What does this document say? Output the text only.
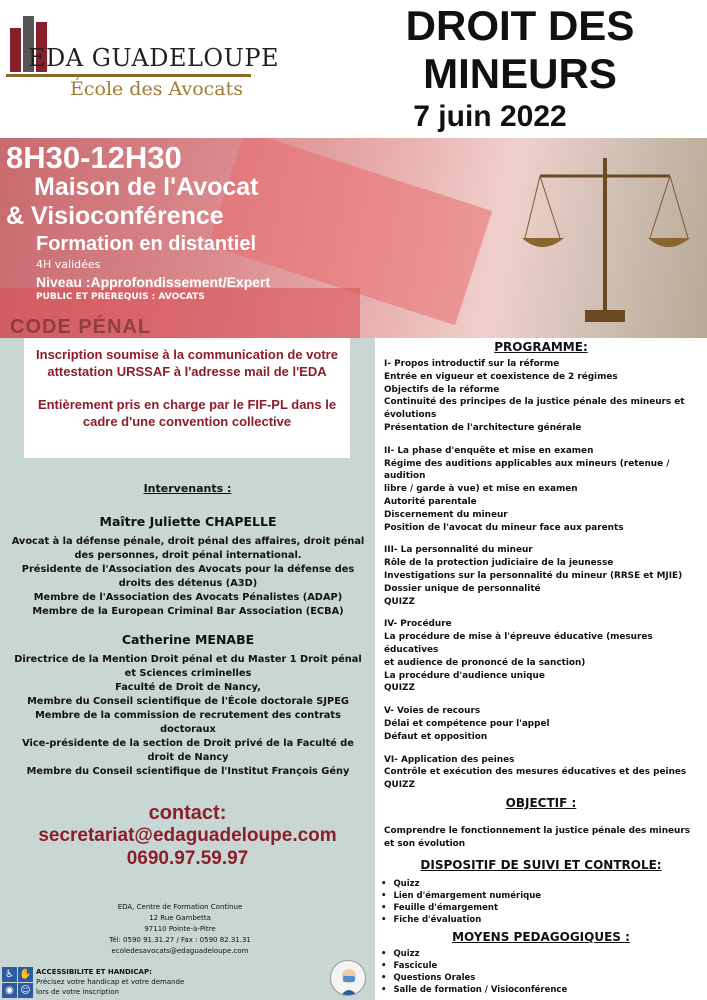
EDA GUADELOUPE
École des Avocats
DROIT DES
MINEURS
7 juin 2022
CODE PÉNAL
8H30-12H30
Maison de l'Avocat
& Visioconférence
Formation en distantiel
4H validées
Niveau :Approfondissement/Expert
PUBLIC ET PREREQUIS : AVOCATS

Inscription soumise à la communication de votre attestation URSSAF à l'adresse mail de l'EDA

Entièrement pris en charge par le FIF-PL dans le cadre d'une convention collective

Intervenants :
Maître Juliette CHAPELLE
Avocat à la défense pénale, droit pénal des affaires, droit pénal
des personnes, droit pénal international.
Présidente de l'Association des Avocats pour la défense des
droits des détenus (A3D)
Membre de l'Association des Avocats Pénalistes (ADAP)
Membre de la European Criminal Bar Association (ECBA)
Catherine MENABE
Directrice de la Mention Droit pénal et du Master 1 Droit pénal
et Sciences criminelles
Faculté de Droit de Nancy,
Membre du Conseil scientifique de l'École doctorale SJPEG
Membre de la commission de recrutement des contrats
doctoraux
Vice-présidente de la section de Droit privé de la Faculté de
droit de Nancy
Membre du Conseil scientifique de l'Institut François Gény
contact:
secretariat@edaguadeloupe.com
0690.97.59.97
EDA, Centre de Formation Continue
12 Rue Gambetta
97110 Pointe-à-Pitre
Tél: 0590 91.31.27 / Fax : 0590 82.31.31
ecoledesavocats@edaguadeloupe.com
♿ ✋
◉ ☺
ACCESSIBILITE ET HANDICAP:
Précisez votre handicap et votre demande
lors de votre inscription
PROGRAMME:
I- Propos introductif sur la réforme
Entrée en vigueur et coexistence de 2 régimes
Objectifs de la réforme
Continuité des principes de la justice pénale des mineurs et
évolutions
Présentation de l'architecture générale
II- La phase d'enquête et mise en examen
Régime des auditions applicables aux mineurs (retenue / audition
libre / garde à vue) et mise en examen
Autorité parentale
Discernement du mineur
Position de l'avocat du mineur face aux parents
III- La personnalité du mineur
Rôle de la protection judiciaire de la jeunesse
Investigations sur la personnalité du mineur (RRSE et MJIE)
Dossier unique de personnalité
QUIZZ
IV- Procédure
La procédure de mise à l'épreuve éducative (mesures éducatives
et audience de prononcé de la sanction)
La procédure d'audience unique
QUIZZ
V- Voies de recours
Délai et compétence pour l'appel
Défaut et opposition
VI- Application des peines
Contrôle et exécution des mesures éducatives et des peines
QUIZZ
OBJECTIF :
Comprendre le fonctionnement la justice pénale des mineurs
et son évolution
DISPOSITIF DE SUIVI ET CONTROLE:
• Quizz
• Lien d'émargement numérique
• Feuille d'émargement
• Fiche d'évaluation
MOYENS PEDAGOGIQUES :
• Quizz
• Fascicule
• Questions Orales
• Salle de formation / Visioconférence
